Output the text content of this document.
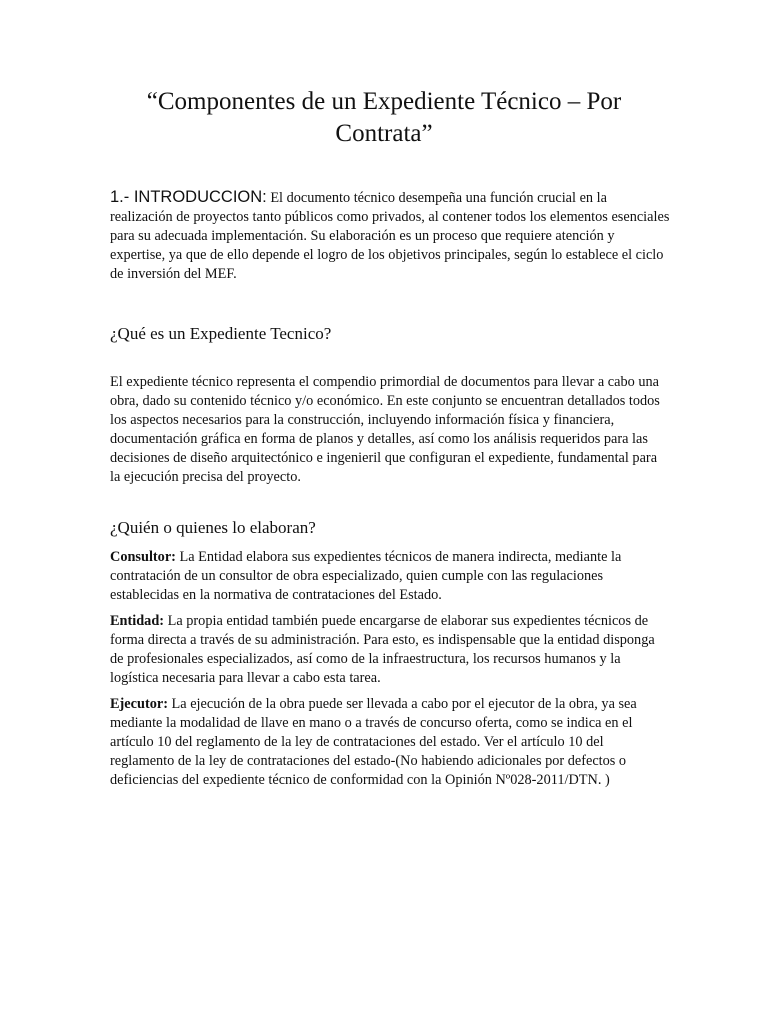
“Componentes de un Expediente Técnico – Por Contrata”

1.- INTRODUCCION: El documento técnico desempeña una función crucial en la realización de proyectos tanto públicos como privados, al contener todos los elementos esenciales para su adecuada implementación. Su elaboración es un proceso que requiere atención y expertise, ya que de ello depende el logro de los objetivos principales, según lo establece el ciclo de inversión del MEF.

¿Qué es un Expediente Tecnico?

El expediente técnico representa el compendio primordial de documentos para llevar a cabo una obra, dado su contenido técnico y/o económico. En este conjunto se encuentran detallados todos los aspectos necesarios para la construcción, incluyendo información física y financiera, documentación gráfica en forma de planos y detalles, así como los análisis requeridos para las decisiones de diseño arquitectónico e ingenieril que configuran el expediente, fundamental para la ejecución precisa del proyecto.

¿Quién o quienes lo elaboran?

Consultor: La Entidad elabora sus expedientes técnicos de manera indirecta, mediante la contratación de un consultor de obra especializado, quien cumple con las regulaciones establecidas en la normativa de contrataciones del Estado.

Entidad: La propia entidad también puede encargarse de elaborar sus expedientes técnicos de forma directa a través de su administración. Para esto, es indispensable que la entidad disponga de profesionales especializados, así como de la infraestructura, los recursos humanos y la logística necesaria para llevar a cabo esta tarea.

Ejecutor: La ejecución de la obra puede ser llevada a cabo por el ejecutor de la obra, ya sea mediante la modalidad de llave en mano o a través de concurso oferta, como se indica en el artículo 10 del reglamento de la ley de contrataciones del estado. Ver el artículo 10 del reglamento de la ley de contrataciones del estado-(No habiendo adicionales por defectos o deficiencias del expediente técnico de conformidad con la Opinión Nº028-2011/DTN. )
